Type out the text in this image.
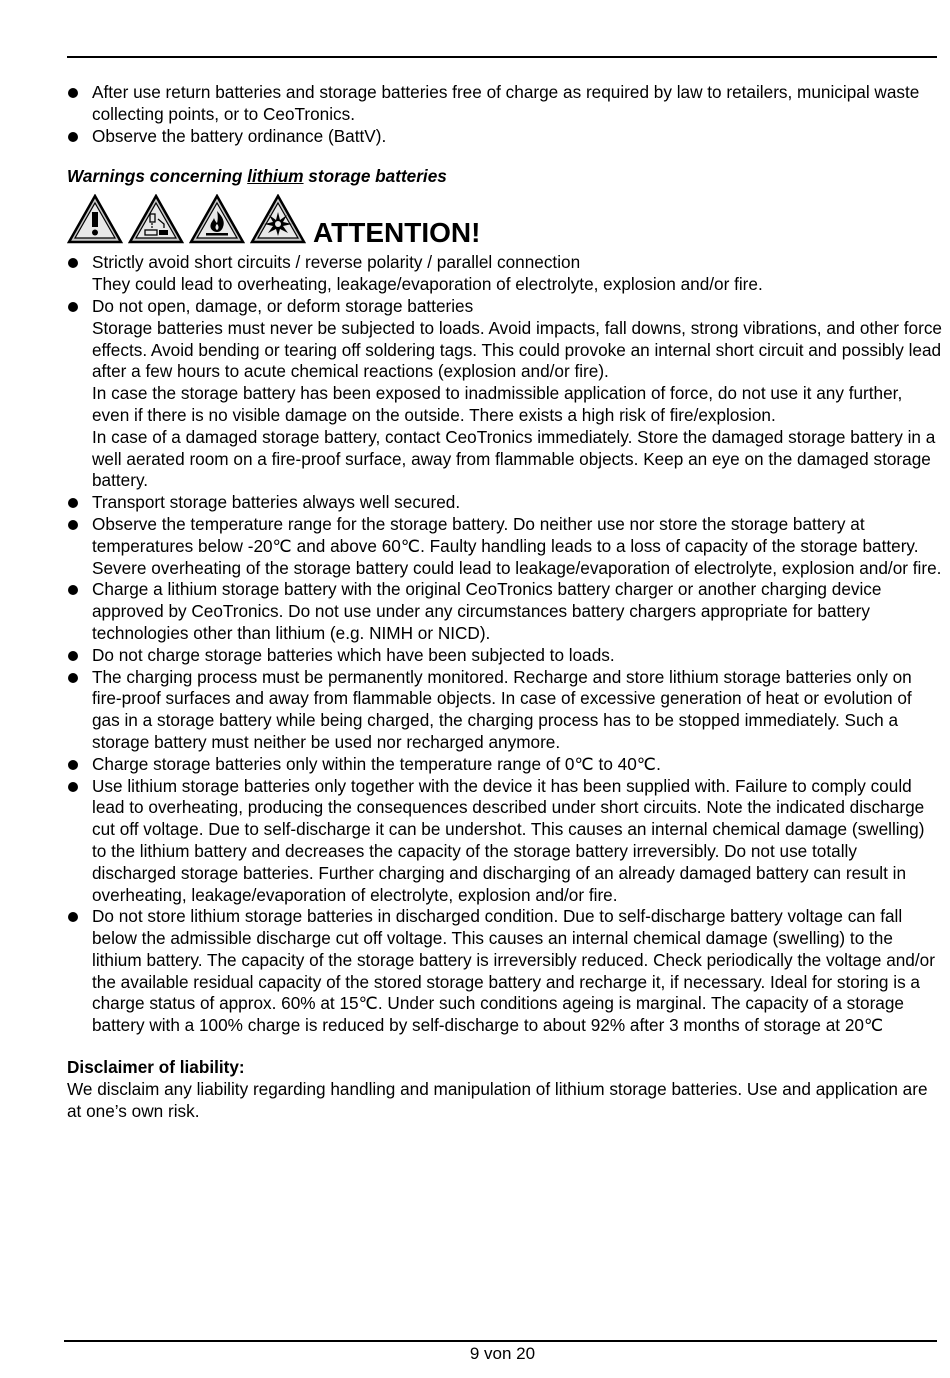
After use return batteries and storage batteries free of charge as required by law to retailers, municipal waste collecting points, or to CeoTronics.
Observe the battery ordinance (BattV).
Warnings concerning lithium storage batteries
ATTENTION!
Strictly avoid short circuits / reverse polarity / parallel connection
They could lead to overheating, leakage/evaporation of electrolyte, explosion and/or fire.
Do not open, damage, or deform storage batteries
Storage batteries must never be subjected to loads. Avoid impacts, fall downs, strong vibrations, and other force effects. Avoid bending or tearing off soldering tags. This could provoke an internal short circuit and possibly lead after a few hours to acute chemical reactions (explosion and/or fire).
In case the storage battery has been exposed to inadmissible application of force, do not use it any further, even if there is no visible damage on the outside. There exists a high risk of fire/explosion.
In case of a damaged storage battery, contact CeoTronics immediately. Store the damaged storage battery in a well aerated room on a fire-proof surface, away from flammable objects. Keep an eye on the damaged storage battery.
Transport storage batteries always well secured.
Observe the temperature range for the storage battery. Do neither use nor store the storage battery at temperatures below -20℃ and above 60℃. Faulty handling leads to a loss of capacity of the storage battery. Severe overheating of the storage battery could lead to leakage/evaporation of electrolyte, explosion and/or fire.
Charge a lithium storage battery with the original CeoTronics battery charger or another charging device approved by CeoTronics. Do not use under any circumstances battery chargers appropriate for battery technologies other than lithium (e.g. NIMH or NICD).
Do not charge storage batteries which have been subjected to loads.
The charging process must be permanently monitored. Recharge and store lithium storage batteries only on fire-proof surfaces and away from flammable objects. In case of excessive generation of heat or evolution of gas in a storage battery while being charged, the charging process has to be stopped immediately. Such a storage battery must neither be used nor recharged anymore.
Charge storage batteries only within the temperature range of 0℃ to 40℃.
Use lithium storage batteries only together with the device it has been supplied with. Failure to comply could lead to overheating, producing the consequences described under short circuits. Note the indicated discharge cut off voltage. Due to self-discharge it can be undershot. This causes an internal chemical damage (swelling) to the lithium battery and decreases the capacity of the storage battery irreversibly. Do not use totally discharged storage batteries. Further charging and discharging of an already damaged battery can result in overheating, leakage/evaporation of electrolyte, explosion and/or fire.
Do not store lithium storage batteries in discharged condition. Due to self-discharge battery voltage can fall below the admissible discharge cut off voltage. This causes an internal chemical damage (swelling) to the lithium battery. The capacity of the storage battery is irreversibly reduced. Check periodically the voltage and/or the available residual capacity of the stored storage battery and recharge it, if necessary. Ideal for storing is a charge status of approx. 60% at 15℃. Under such conditions ageing is marginal. The capacity of a storage battery with a 100% charge is reduced by self-discharge to about 92% after 3 months of storage at 20℃
Disclaimer of liability:
We disclaim any liability regarding handling and manipulation of lithium storage batteries. Use and application are at one’s own risk.
9 von 20
